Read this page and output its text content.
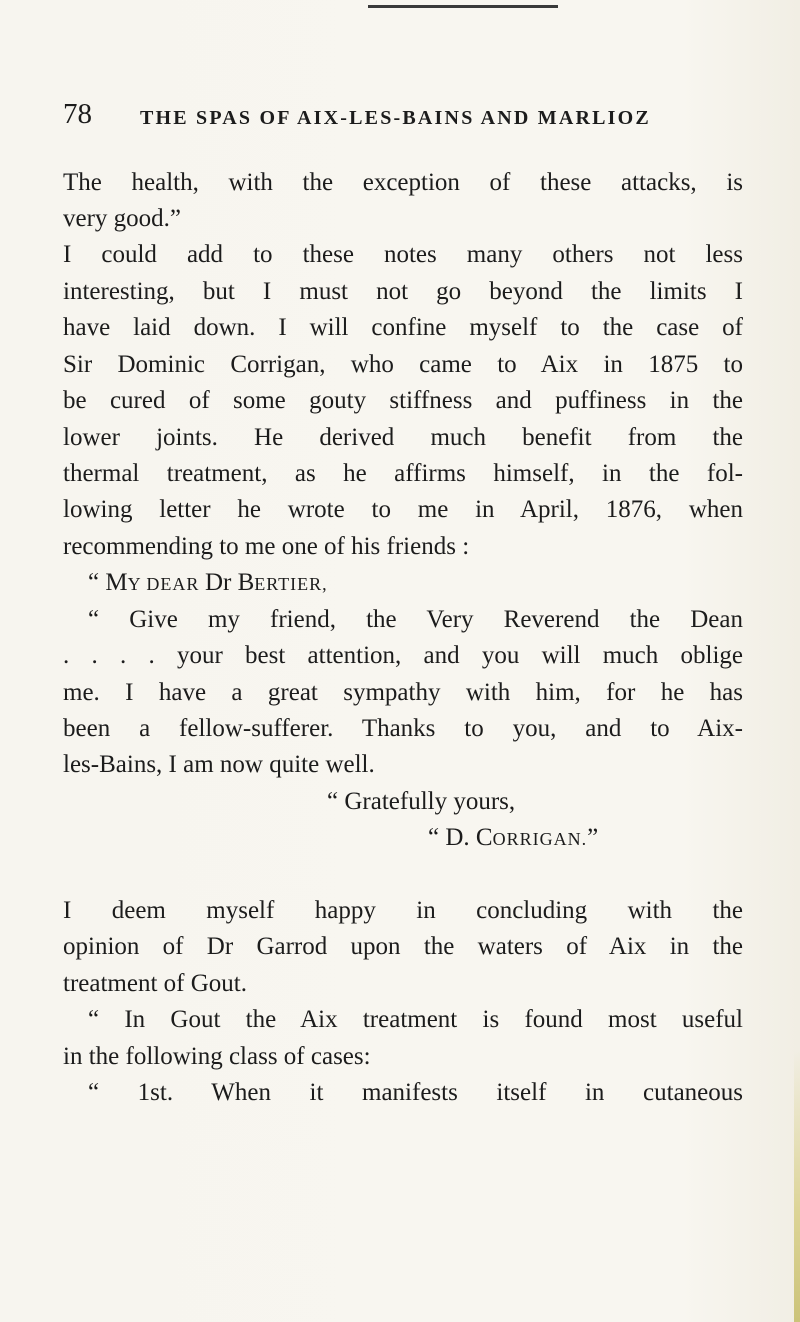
78 THE SPAS OF AIX-LES-BAINS AND MARLIOZ
The health, with the exception of these attacks, is
very good.”
I could add to these notes many others not less
interesting, but I must not go beyond the limits I
have laid down. I will confine myself to the case of
Sir Dominic Corrigan, who came to Aix in 1875 to
be cured of some gouty stiffness and puffiness in the
lower joints. He derived much benefit from the
thermal treatment, as he affirms himself, in the fol-
lowing letter he wrote to me in April, 1876, when
recommending to me one of his friends :
“ MY DEAR Dr BERTIER,
“ Give my friend, the Very Reverend the Dean
. . . . your best attention, and you will much oblige
me. I have a great sympathy with him, for he has
been a fellow-sufferer. Thanks to you, and to Aix-
les-Bains, I am now quite well.
“ Gratefully yours,
“ D. CORRIGAN.”
I deem myself happy in concluding with the
opinion of Dr Garrod upon the waters of Aix in the
treatment of Gout.
“ In Gout the Aix treatment is found most useful
in the following class of cases:
“ 1st. When it manifests itself in cutaneous
